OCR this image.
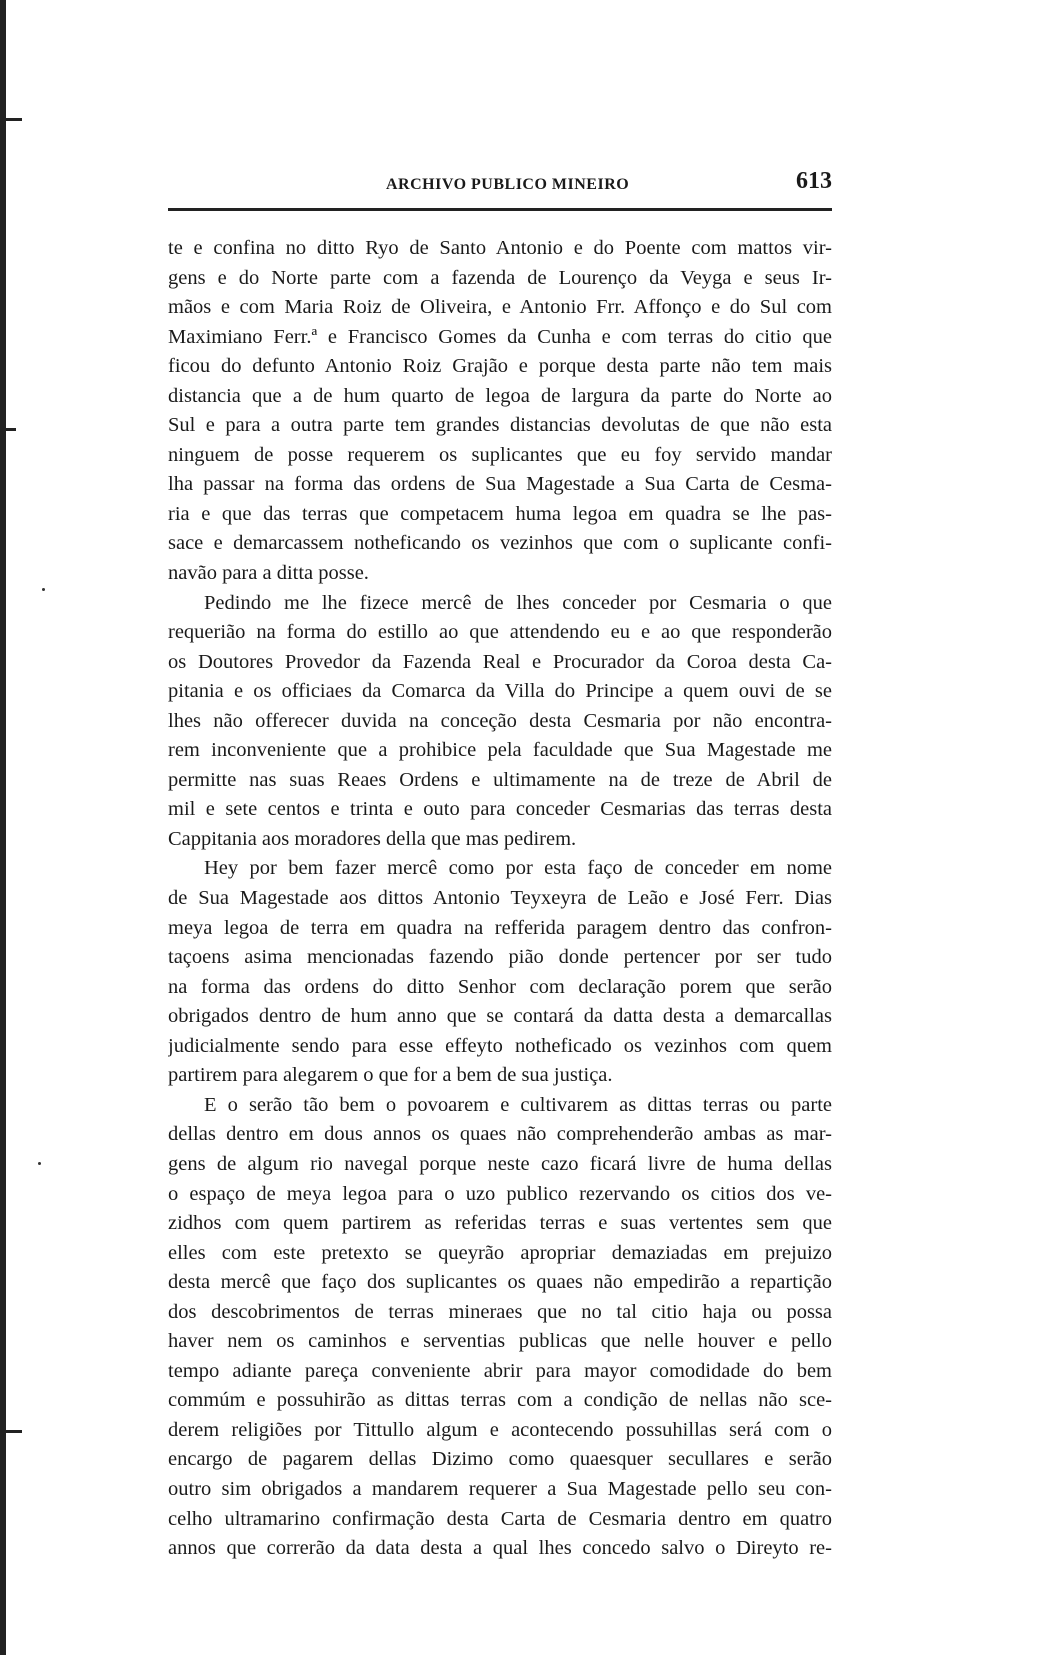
ARCHIVO PUBLICO MINEIRO	613
te e confina no ditto Ryo de Santo Antonio e do Poente com mattos vir-
gens e do Norte parte com a fazenda de Lourenço da Veyga e seus Ir-
mãos e com Maria Roiz de Oliveira, e Antonio Frr. Affonço e do Sul com
Maximiano Ferr.ª e Francisco Gomes da Cunha e com terras do citio que
ficou do defunto Antonio Roiz Grajão e porque desta parte não tem mais
distancia que a de hum quarto de legoa de largura da parte do Norte ao
Sul e para a outra parte tem grandes distancias devolutas de que não esta
ninguem de posse requerem os suplicantes que eu foy servido mandar
lha passar na forma das ordens de Sua Magestade a Sua Carta de Cesma-
ria e que das terras que competacem huma legoa em quadra se lhe pas-
sace e demarcassem notheficando os vezinhos que com o suplicante confi-
navão para a ditta posse.
Pedindo me lhe fizece mercê de lhes conceder por Cesmaria o que
requerião na forma do estillo ao que attendendo eu e ao que responderão
os Doutores Provedor da Fazenda Real e Procurador da Coroa desta Ca-
pitania e os officiaes da Comarca da Villa do Principe a quem ouvi de se
lhes não offerecer duvida na conceção desta Cesmaria por não encontra-
rem inconveniente que a prohibice pela faculdade que Sua Magestade me
permitte nas suas Reaes Ordens e ultimamente na de treze de Abril de
mil e sete centos e trinta e outo para conceder Cesmarias das terras desta
Cappitania aos moradores della que mas pedirem.
Hey por bem fazer mercê como por esta faço de conceder em nome
de Sua Magestade aos dittos Antonio Teyxeyra de Leão e José Ferr. Dias
meya legoa de terra em quadra na refferida paragem dentro das confron-
taçoens asima mencionadas fazendo pião donde pertencer por ser tudo
na forma das ordens do ditto Senhor com declaração porem que serão
obrigados dentro de hum anno que se contará da datta desta a demarcallas
judicialmente sendo para esse effeyto notheficado os vezinhos com quem
partirem para alegarem o que for a bem de sua justiça.
E o serão tão bem o povoarem e cultivarem as dittas terras ou parte
dellas dentro em dous annos os quaes não comprehenderão ambas as mar-
gens de algum rio navegal porque neste cazo ficará livre de huma dellas
o espaço de meya legoa para o uzo publico rezervando os citios dos ve-
zidhos com quem partirem as referidas terras e suas vertentes sem que
elles com este pretexto se queyrão apropriar demaziadas em prejuizo
desta mercê que faço dos suplicantes os quaes não empedirão a repartição
dos descobrimentos de terras mineraes que no tal citio haja ou possa
haver nem os caminhos e serventias publicas que nelle houver e pello
tempo adiante pareça conveniente abrir para mayor comodidade do bem
commúm e possuhirão as dittas terras com a condição de nellas não sce-
derem religiões por Tittullo algum e acontecendo possuhillas será com o
encargo de pagarem dellas Dizimo como quaesquer secullares e serão
outro sim obrigados a mandarem requerer a Sua Magestade pello seu con-
celho ultramarino confirmação desta Carta de Cesmaria dentro em quatro
annos que correrão da data desta a qual lhes concedo salvo o Direyto re-
